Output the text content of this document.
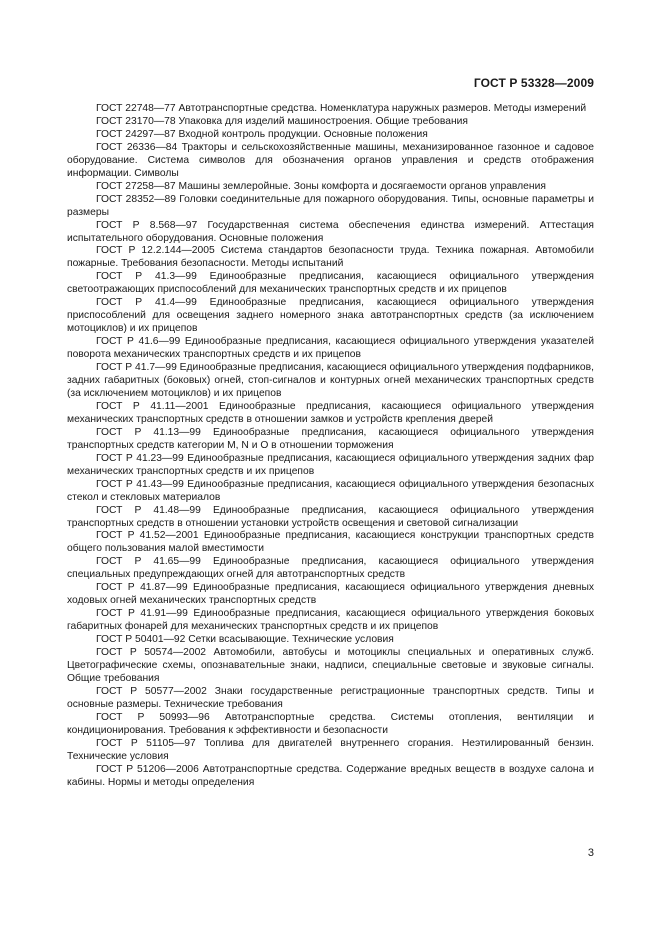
ГОСТ Р 53328—2009

ГОСТ 22748—77 Автотранспортные средства. Номенклатура наружных размеров. Методы измерений

ГОСТ 23170—78 Упаковка для изделий машиностроения. Общие требования

ГОСТ 24297—87 Входной контроль продукции. Основные положения

ГОСТ 26336—84 Тракторы и сельскохозяйственные машины, механизированное газонное и садовое оборудование. Система символов для обозначения органов управления и средств отображения информации. Символы

ГОСТ 27258—87 Машины землеройные. Зоны комфорта и досягаемости органов управления

ГОСТ 28352—89 Головки соединительные для пожарного оборудования. Типы, основные параметры и размеры

ГОСТ Р 8.568—97 Государственная система обеспечения единства измерений. Аттестация испытательного оборудования. Основные положения

ГОСТ Р 12.2.144—2005 Система стандартов безопасности труда. Техника пожарная. Автомобили пожарные. Требования безопасности. Методы испытаний

ГОСТ Р 41.3—99 Единообразные предписания, касающиеся официального утверждения светоотражающих приспособлений для механических транспортных средств и их прицепов

ГОСТ Р 41.4—99 Единообразные предписания, касающиеся официального утверждения приспособлений для освещения заднего номерного знака автотранспортных средств (за исключением мотоциклов) и их прицепов

ГОСТ Р 41.6—99 Единообразные предписания, касающиеся официального утверждения указателей поворота механических транспортных средств и их прицепов

ГОСТ Р 41.7—99 Единообразные предписания, касающиеся официального утверждения подфарников, задних габаритных (боковых) огней, стоп-сигналов и контурных огней механических транспортных средств (за исключением мотоциклов) и их прицепов

ГОСТ Р 41.11—2001 Единообразные предписания, касающиеся официального утверждения механических транспортных средств в отношении замков и устройств крепления дверей

ГОСТ Р 41.13—99 Единообразные предписания, касающиеся официального утверждения транспортных средств категории М, N и О в отношении торможения

ГОСТ Р 41.23—99 Единообразные предписания, касающиеся официального утверждения задних фар механических транспортных средств и их прицепов

ГОСТ Р 41.43—99 Единообразные предписания, касающиеся официального утверждения безопасных стекол и стекловых материалов

ГОСТ Р 41.48—99 Единообразные предписания, касающиеся официального утверждения транспортных средств в отношении установки устройств освещения и световой сигнализации

ГОСТ Р 41.52—2001 Единообразные предписания, касающиеся конструкции транспортных средств общего пользования малой вместимости

ГОСТ Р 41.65—99 Единообразные предписания, касающиеся официального утверждения специальных предупреждающих огней для автотранспортных средств

ГОСТ Р 41.87—99 Единообразные предписания, касающиеся официального утверждения дневных ходовых огней механических транспортных средств

ГОСТ Р 41.91—99 Единообразные предписания, касающиеся официального утверждения боковых габаритных фонарей для механических транспортных средств и их прицепов

ГОСТ Р 50401—92 Сетки всасывающие. Технические условия

ГОСТ Р 50574—2002 Автомобили, автобусы и мотоциклы специальных и оперативных служб. Цветографические схемы, опознавательные знаки, надписи, специальные световые и звуковые сигналы. Общие требования

ГОСТ Р 50577—2002 Знаки государственные регистрационные транспортных средств. Типы и основные размеры. Технические требования

ГОСТ Р 50993—96 Автотранспортные средства. Системы отопления, вентиляции и кондиционирования. Требования к эффективности и безопасности

ГОСТ Р 51105—97 Топлива для двигателей внутреннего сгорания. Неэтилированный бензин. Технические условия

ГОСТ Р 51206—2006 Автотранспортные средства. Содержание вредных веществ в воздухе салона и кабины. Нормы и методы определения

3
